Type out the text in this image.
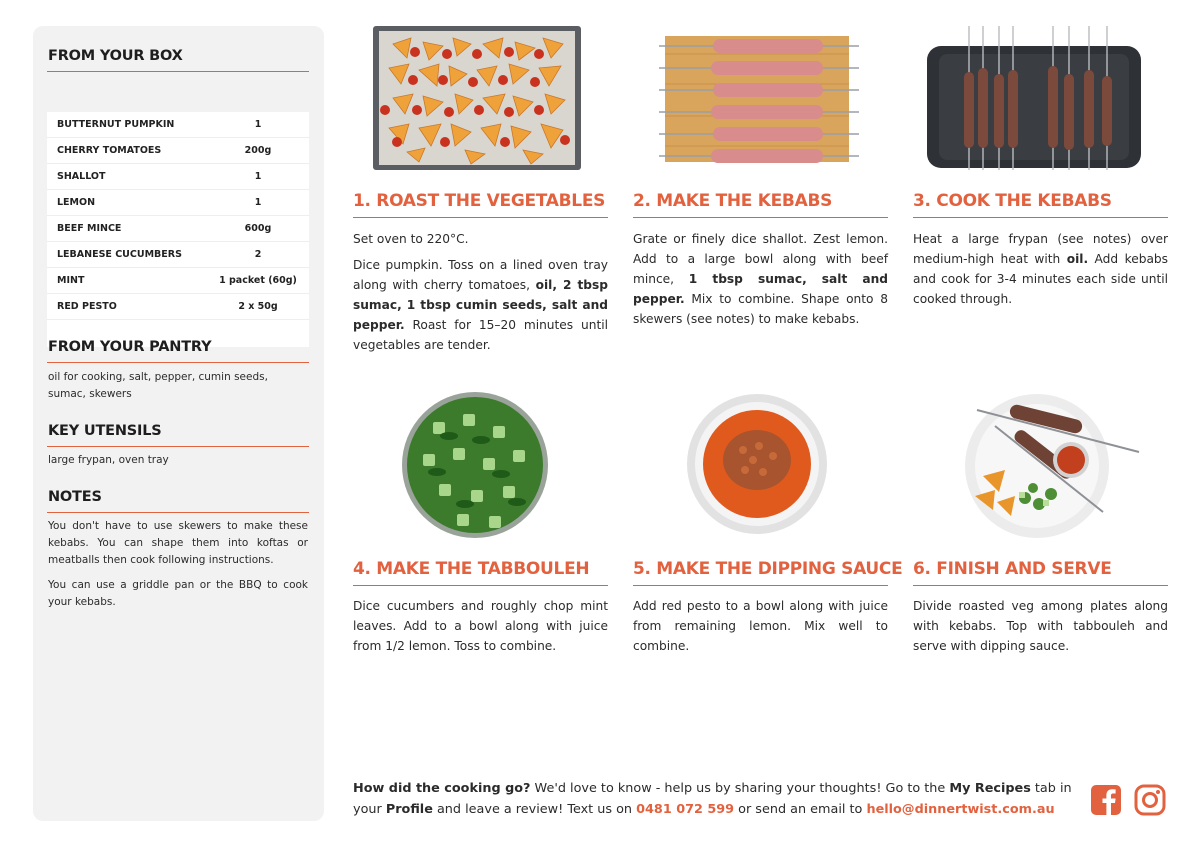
FROM YOUR BOX
BUTTERNUT PUMPKIN	1
CHERRY TOMATOES	200g
SHALLOT	1
LEMON	1
BEEF MINCE	600g
LEBANESE CUCUMBERS	2
MINT	1 packet (60g)
RED PESTO	2 x 50g
FROM YOUR PANTRY
oil for cooking, salt, pepper, cumin seeds, sumac, skewers
KEY UTENSILS
large frypan, oven tray
NOTES
You don't have to use skewers to make these kebabs. You can shape them into koftas or meatballs then cook following instructions.
You can use a griddle pan or the BBQ to cook your kebabs.
1. ROAST THE VEGETABLES

Set oven to 220°C.

Dice pumpkin. Toss on a lined oven tray along with cherry tomatoes, oil, 2 tbsp sumac, 1 tbsp cumin seeds, salt and pepper. Roast for 15–20 minutes until vegetables are tender.

2. MAKE THE KEBABS

Grate or finely dice shallot. Zest lemon. Add to a large bowl along with beef mince, 1 tbsp sumac, salt and pepper. Mix to combine. Shape onto 8 skewers (see notes) to make kebabs.

3. COOK THE KEBABS

Heat a large frypan (see notes) over medium-high heat with oil. Add kebabs and cook for 3-4 minutes each side until cooked through.

4. MAKE THE TABBOULEH

Dice cucumbers and roughly chop mint leaves. Add to a bowl along with juice from 1/2 lemon. Toss to combine.

5. MAKE THE DIPPING SAUCE

Add red pesto to a bowl along with juice from remaining lemon. Mix well to combine.

6. FINISH AND SERVE

Divide roasted veg among plates along with kebabs. Top with tabbouleh and serve with dipping sauce.

How did the cooking go? We'd love to know - help us by sharing your thoughts! Go to the My Recipes tab in your Profile and leave a review! Text us on 0481 072 599 or send an email to hello@dinnertwist.com.au
